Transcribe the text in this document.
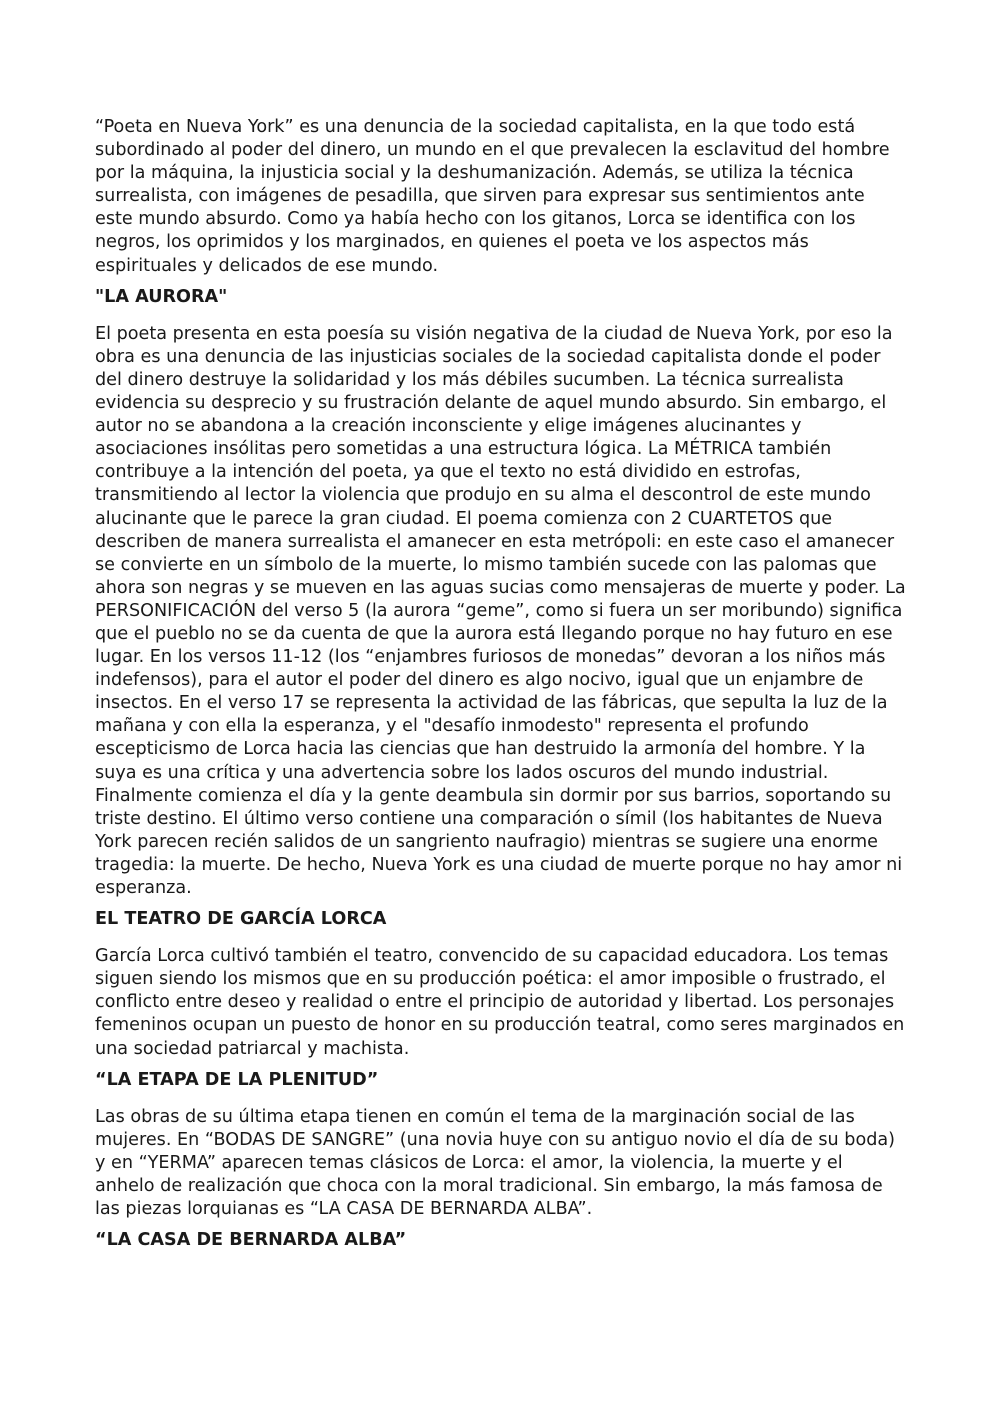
“Poeta en Nueva York” es una denuncia de la sociedad capitalista, en la que todo está subordinado al poder del dinero, un mundo en el que prevalecen la esclavitud del hombre por la máquina, la injusticia social y la deshumanización. Además, se utiliza la técnica surrealista, con imágenes de pesadilla, que sirven para expresar sus sentimientos ante este mundo absurdo. Como ya había hecho con los gitanos, Lorca se identifica con los negros, los oprimidos y los marginados, en quienes el poeta ve los aspectos más espirituales y delicados de ese mundo.

"LA AURORA"

El poeta presenta en esta poesía su visión negativa de la ciudad de Nueva York, por eso la obra es una denuncia de las injusticias sociales de la sociedad capitalista donde el poder del dinero destruye la solidaridad y los más débiles sucumben. La técnica surrealista evidencia su desprecio y su frustración delante de aquel mundo absurdo. Sin embargo, el autor no se abandona a la creación inconsciente y elige imágenes alucinantes y asociaciones insólitas pero sometidas a una estructura lógica. La MÉTRICA también contribuye a la intención del poeta, ya que el texto no está dividido en estrofas, transmitiendo al lector la violencia que produjo en su alma el descontrol de este mundo alucinante que le parece la gran ciudad. El poema comienza con 2 CUARTETOS que describen de manera surrealista el amanecer en esta metrópoli: en este caso el amanecer se convierte en un símbolo de la muerte, lo mismo también sucede con las palomas que ahora son negras y se mueven en las aguas sucias como mensajeras de muerte y poder. La PERSONIFICACIÓN del verso 5 (la aurora “geme”, como si fuera un ser moribundo) significa que el pueblo no se da cuenta de que la aurora está llegando porque no hay futuro en ese lugar. En los versos 11-12 (los “enjambres furiosos de monedas” devoran a los niños más indefensos), para el autor el poder del dinero es algo nocivo, igual que un enjambre de insectos. En el verso 17 se representa la actividad de las fábricas, que sepulta la luz de la mañana y con ella la esperanza, y el "desafío inmodesto" representa el profundo escepticismo de Lorca hacia las ciencias que han destruido la armonía del hombre. Y la suya es una crítica y una advertencia sobre los lados oscuros del mundo industrial. Finalmente comienza el día y la gente deambula sin dormir por sus barrios, soportando su triste destino. El último verso contiene una comparación o símil (los habitantes de Nueva York parecen recién salidos de un sangriento naufragio) mientras se sugiere una enorme tragedia: la muerte. De hecho, Nueva York es una ciudad de muerte porque no hay amor ni esperanza.

EL TEATRO DE GARCÍA LORCA

García Lorca cultivó también el teatro, convencido de su capacidad educadora. Los temas siguen siendo los mismos que en su producción poética: el amor imposible o frustrado, el conflicto entre deseo y realidad o entre el principio de autoridad y libertad. Los personajes femeninos ocupan un puesto de honor en su producción teatral, como seres marginados en una sociedad patriarcal y machista.

“LA ETAPA DE LA PLENITUD”

Las obras de su última etapa tienen en común el tema de la marginación social de las mujeres. En “BODAS DE SANGRE” (una novia huye con su antiguo novio el día de su boda) y en “YERMA” aparecen temas clásicos de Lorca: el amor, la violencia, la muerte y el anhelo de realización que choca con la moral tradicional. Sin embargo, la más famosa de las piezas lorquianas es “LA CASA DE BERNARDA ALBA”.

“LA CASA DE BERNARDA ALBA”
